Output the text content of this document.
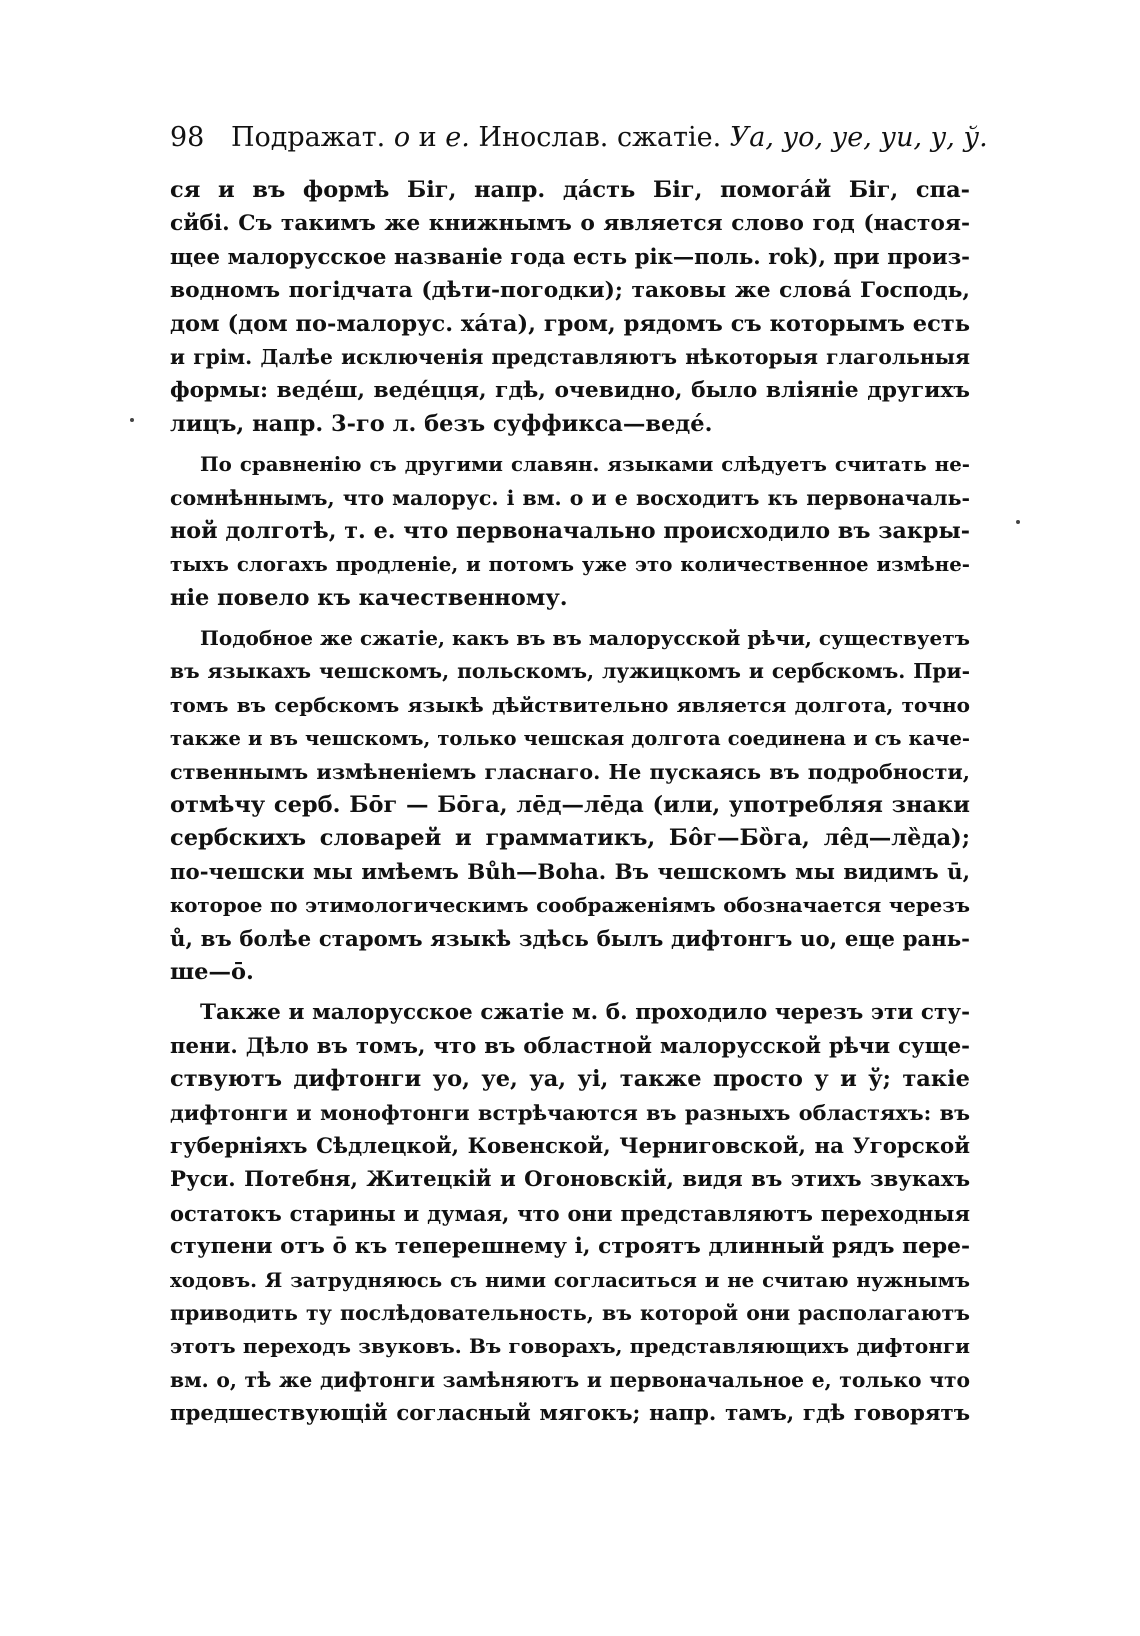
98 Подражат. о и е. Инослав. сжатіе. Уа, уо, уе, уи, у, ў.
ся и въ формѣ Біг, напр. дáсть Біг, помогáй Біг, спа-
сйбі. Съ такимъ же книжнымъ о является слово год (настоя-
щее малорусское названіе года есть рік—поль. rok), при произ-
водномъ погідчата (дѣти-погодки); таковы же словá Господь,
дом (дом по-малорус. хáта), гром, рядомъ съ которымъ есть
и грім. Далѣе исключенія представляютъ нѣкоторыя глагольныя
формы: ведéш, ведéцця, гдѣ, очевидно, было вліяніе другихъ
лицъ, напр. 3-го л. безъ суффикса—ведé.
По сравненію съ другими славян. языками слѣдуетъ считать не-
сомнѣннымъ, что малорус. і вм. о и е восходитъ къ первоначаль-
ной долготѣ, т. е. что первоначально происходило въ закры-
тыхъ слогахъ продленіе, и потомъ уже это количественное измѣне-
ніе повело къ качественному.
Подобное же сжатіе, какъ въ въ малорусской рѣчи, существуетъ
въ языкахъ чешскомъ, польскомъ, лужицкомъ и сербскомъ. При-
томъ въ сербскомъ языкѣ дѣйствительно является долгота, точно
также и въ чешскомъ, только чешская долгота соединена и съ каче-
ственнымъ измѣненіемъ гласнаго. Не пускаясь въ подробности,
отмѣчу серб. Бōг — Бōга, лēд—лēда (или, употребляя знаки
сербскихъ словарей и грамматикъ, Бôг—Бȍга, лêд—лȅда);
по-чешски мы имѣемъ Bůh—Boha. Въ чешскомъ мы видимъ ū,
которое по этимологическимъ соображеніямъ обозначается черезъ
ů, въ болѣе старомъ языкѣ здѣсь былъ дифтонгъ uo, еще рань-
ше—ō.
Также и малорусское сжатіе м. б. проходило черезъ эти сту-
пени. Дѣло въ томъ, что въ областной малорусской рѣчи суще-
ствуютъ дифтонги уо, уе, уа, уі, также просто у и ў; такіе
дифтонги и монофтонги встрѣчаются въ разныхъ областяхъ: въ
губерніяхъ Сѣдлецкой, Ковенской, Черниговской, на Угорской
Руси. Потебня, Житецкій и Огоновскій, видя въ этихъ звукахъ
остатокъ старины и думая, что они представляютъ переходныя
ступени отъ ō къ теперешнему і, строятъ длинный рядъ пере-
ходовъ. Я затрудняюсь съ ними согласиться и не считаю нужнымъ
приводить ту послѣдовательность, въ которой они располагаютъ
этотъ переходъ звуковъ. Въ говорахъ, представляющихъ дифтонги
вм. о, тѣ же дифтонги замѣняютъ и первоначальное е, только что
предшествующій согласный мягокъ; напр. тамъ, гдѣ говорятъ
